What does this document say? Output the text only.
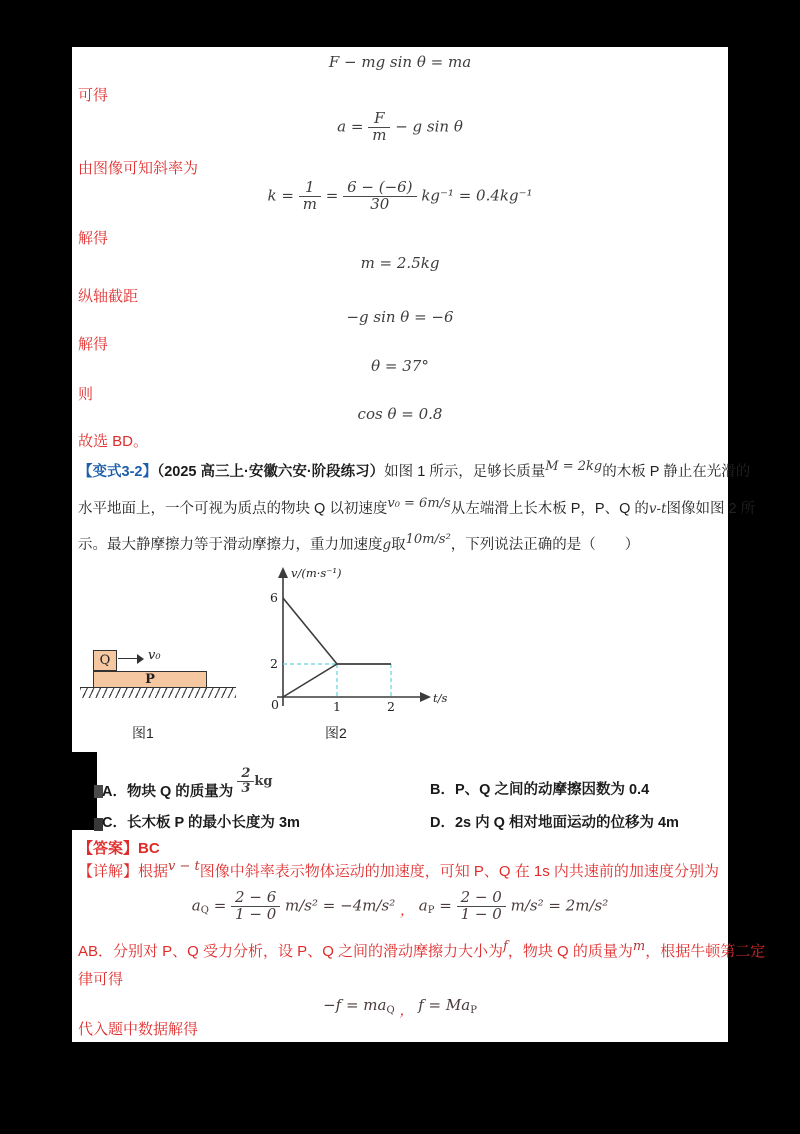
F − mg sin θ = ma
可得
$a = \frac{F}{m} - g$ sin θ
由图像可知斜率为
$k = \frac{1}{m} = \frac{6 - (-6)}{30} kg^{-1} = 0.4kg^{-1}$
解得
m = 2.5kg
纵轴截距
−g sin θ = −6
解得
θ = 37°
则
cos θ = 0.8
故选 BD。
【变式3-2】（2025 高三上·安徽六安·阶段练习）如图 1 所示，足够长质量M = 2kg的木板 P 静止在光滑的
水平地面上，一个可视为质点的物块 Q 以初速度v₀ = 6m/s从左端滑上长木板 P，P、Q 的v-t图像如图 2 所
示。最大静摩擦力等于滑动摩擦力，重力加速度g取10m/s²，下列说法正确的是（　　）
Q
P
v₀
图1
v/(m·s⁻¹)
t/s
0
2
6
1	2
图2
A．物块 Q 的质量为 $\frac{2}{3}$ kg
B．P、Q 之间的动摩擦因数为 0.4
C．长木板 P 的最小长度为 3m	D．2s 内 Q 相对地面运动的位移为 4m
【答案】BC
【详解】根据v − t图像中斜率表示物体运动的加速度，可知 P、Q 在 1s 内共速前的加速度分别为
$a_Q = \frac{2 - 6}{1 - 0} m/s^2 = -4m/s^2$ ， $a_P = \frac{2 - 0}{1 - 0} m/s^2 = 2m/s^2$
AB．分别对 P、Q 受力分析，设 P、Q 之间的滑动摩擦力大小为f，物块 Q 的质量为m，根据牛顿第二定
律可得
$-f = ma_Q$ ， $f = Ma_P$
代入题中数据解得
